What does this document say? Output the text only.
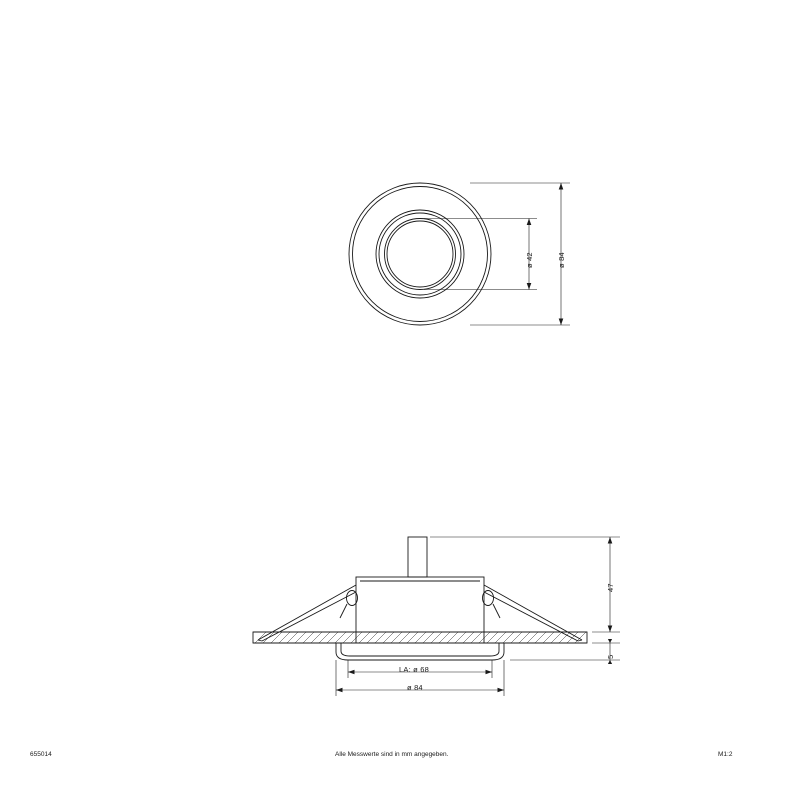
ø 42	ø 84
47
5
LA: ø 68
ø 84
655014	Alle Messwerte sind in mm angegeben.	M1:2
